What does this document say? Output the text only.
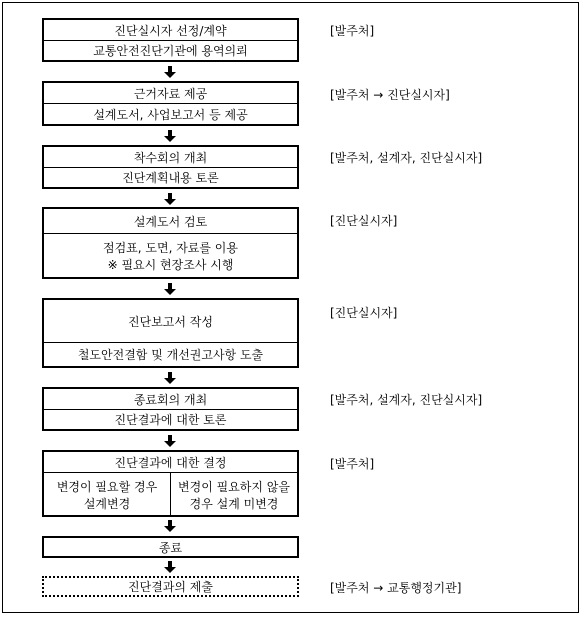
진단실시자 선정/계약
교통안전진단기관에 용역의뢰
[발주처]
근거자료 제공
설계도서, 사업보고서 등 제공
[발주처 → 진단실시자]
착수회의 개최
진단계획내용 토론
[발주처, 설계자, 진단실시자]
설계도서 검토
점검표, 도면, 자료를 이용
※ 필요시 현장조사 시행
[진단실시자]
진단보고서 작성
철도안전결함 및 개선권고사항 도출
[진단실시자]
종료회의 개최
진단결과에 대한 토론
[발주처, 설계자, 진단실시자]
진단결과에 대한 결정
변경이 필요할 경우
설계변경
변경이 필요하지 않을
경우 설계 미변경
[발주처]
종료
진단결과의 제출	[발주처 → 교통행정기관]
